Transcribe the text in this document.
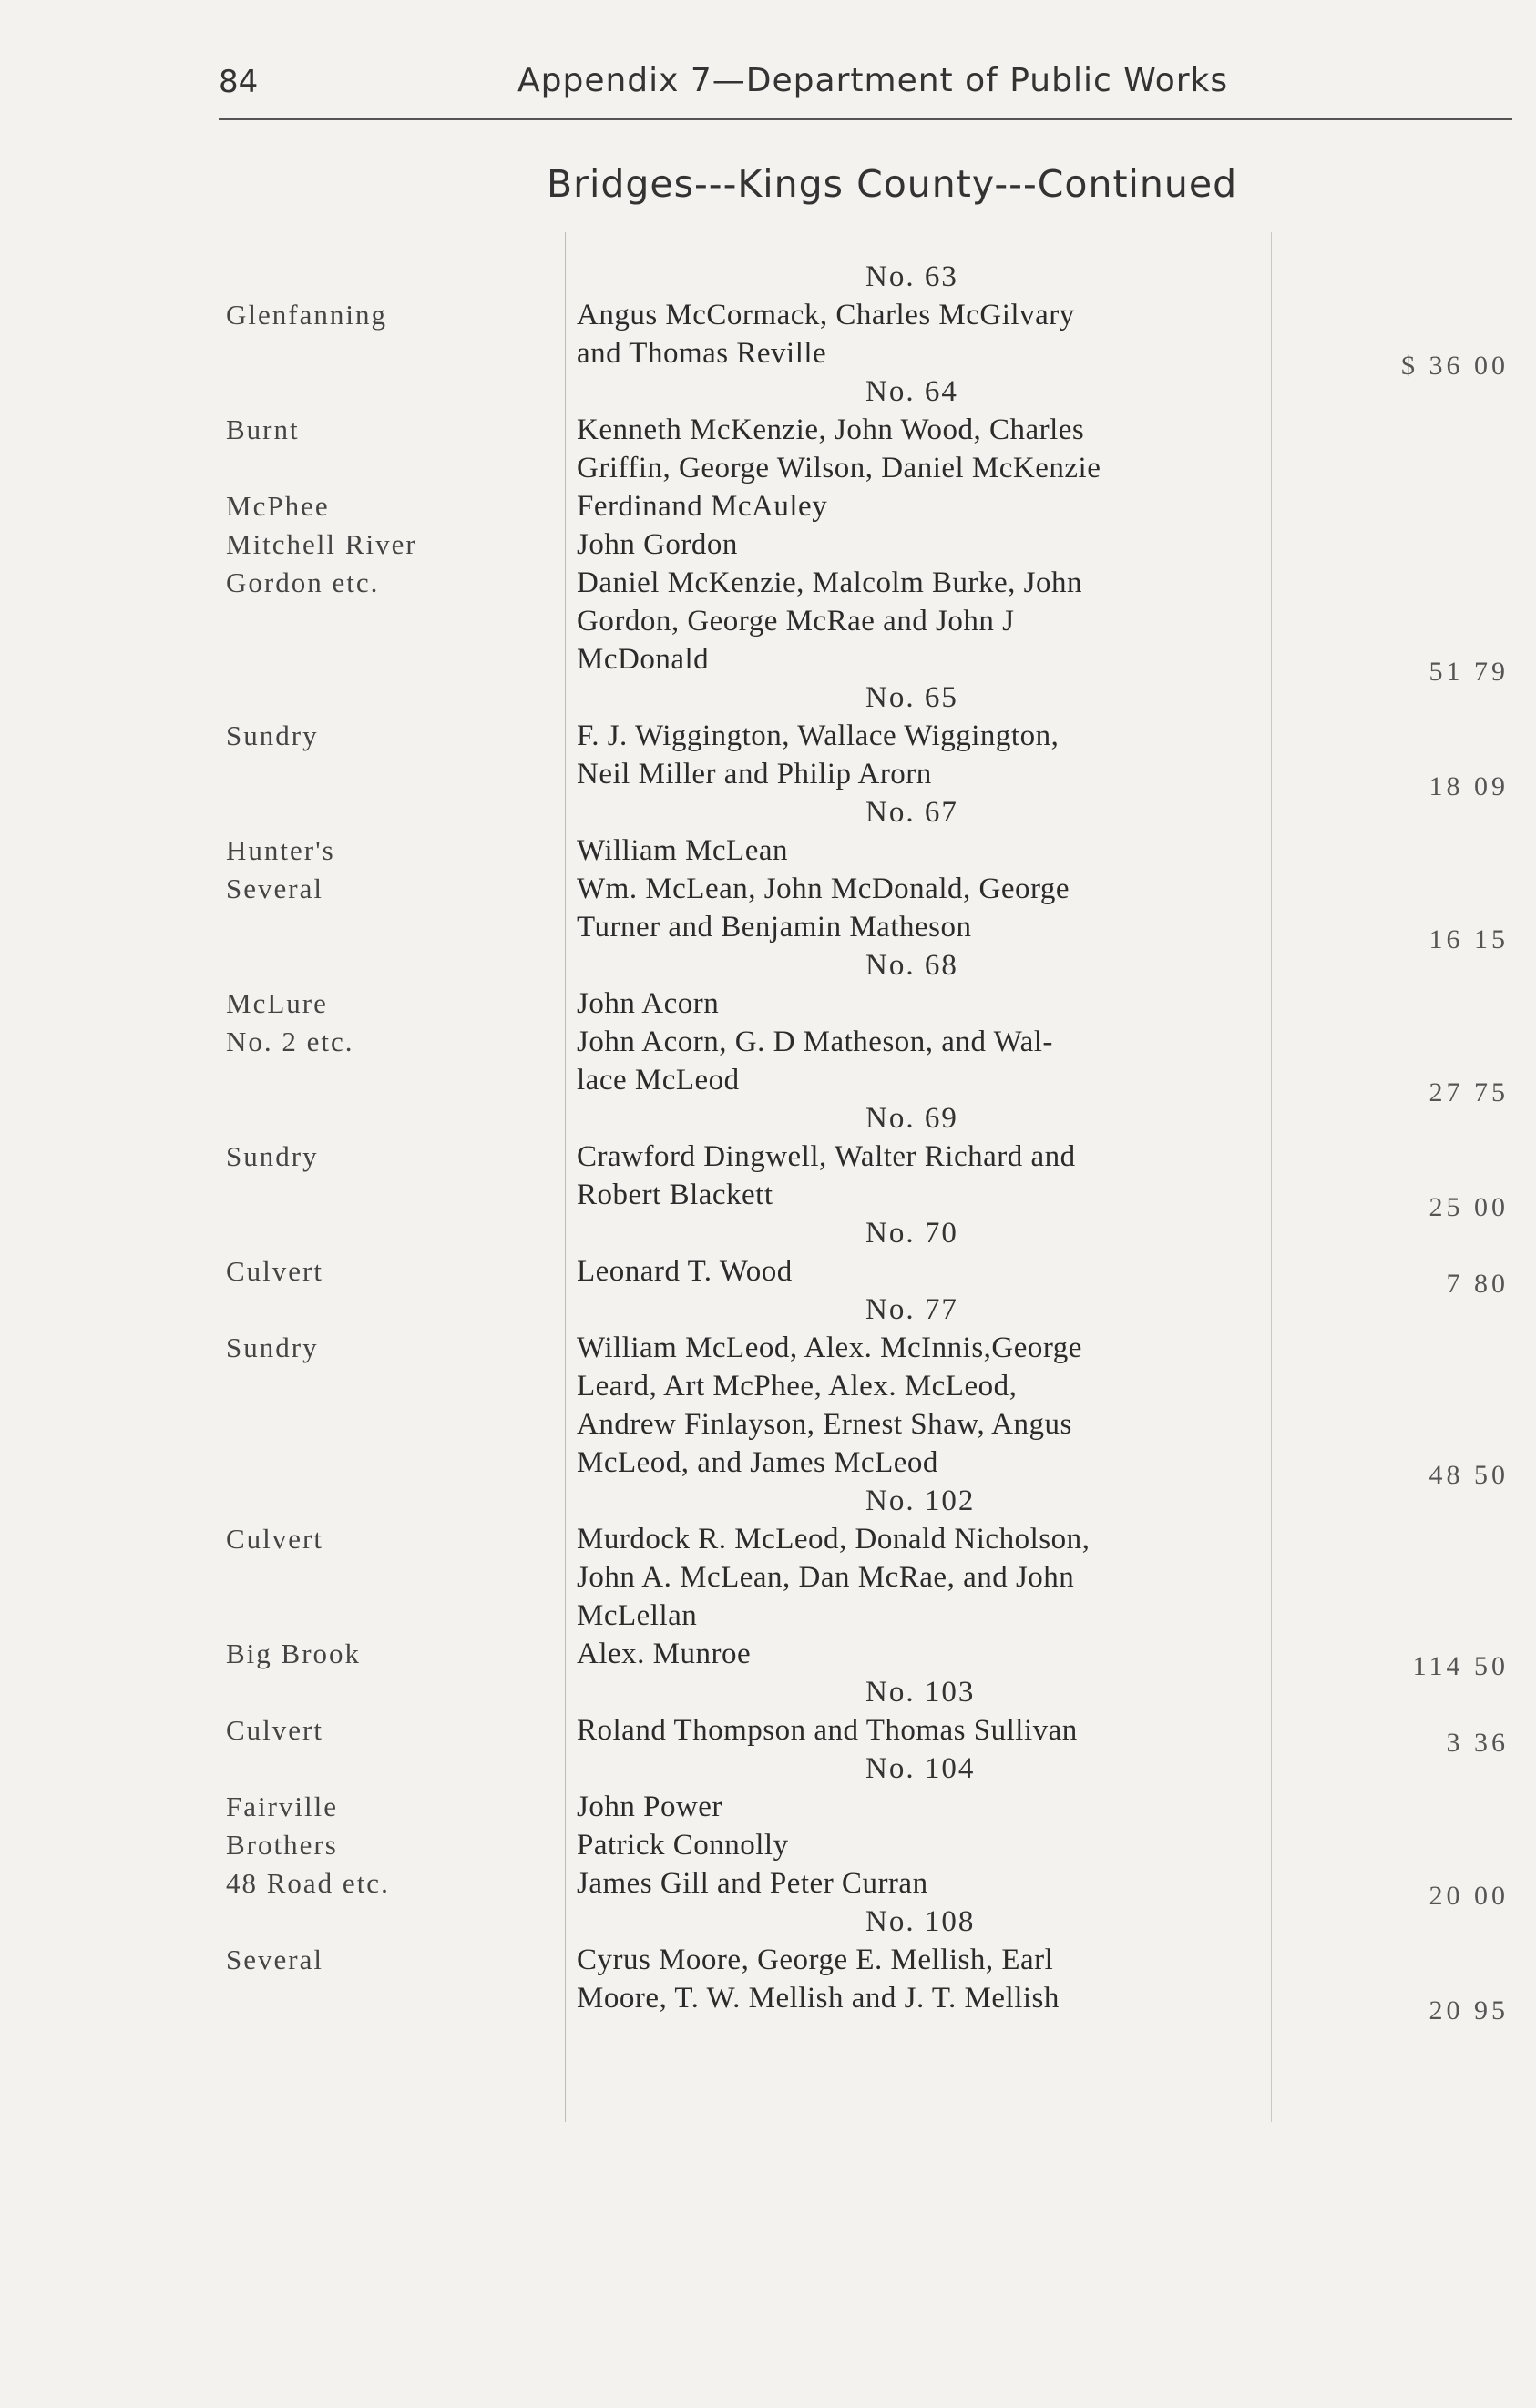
84	Appendix 7—Department of Public Works
Bridges---Kings County---Continued
No. 63
Glenfanning	Angus McCormack, Charles McGilvary
and Thomas Reville	$ 36 00
No. 64
Burnt	Kenneth McKenzie, John Wood, Charles
Griffin, George Wilson, Daniel McKenzie
McPhee	Ferdinand McAuley
Mitchell River	John Gordon
Gordon etc.	Daniel McKenzie, Malcolm Burke, John
Gordon, George McRae and John J
McDonald	51 79
No. 65
Sundry	F. J. Wiggington, Wallace Wiggington,
Neil Miller and Philip Arorn	18 09
No. 67
Hunter's	William McLean
Several	Wm. McLean, John McDonald, George
Turner and Benjamin Matheson	16 15
No. 68
McLure	John Acorn
No. 2 etc.	John Acorn, G. D Matheson, and Wal-
lace McLeod	27 75
No. 69
Sundry	Crawford Dingwell, Walter Richard and
Robert Blackett	25 00
No. 70
Culvert	Leonard T. Wood	7 80
No. 77
Sundry	William McLeod, Alex. McInnis,George
Leard, Art McPhee, Alex. McLeod,
Andrew Finlayson, Ernest Shaw, Angus
McLeod, and James McLeod	48 50
No. 102
Culvert	Murdock R. McLeod, Donald Nicholson,
John A. McLean, Dan McRae, and John
McLellan
Big Brook	Alex. Munroe	114 50
No. 103
Culvert	Roland Thompson and Thomas Sullivan	3 36
No. 104
Fairville	John Power
Brothers	Patrick Connolly
48 Road etc.	James Gill and Peter Curran	20 00
No. 108
Several	Cyrus Moore, George E. Mellish, Earl
Moore, T. W. Mellish and J. T. Mellish	20 95
